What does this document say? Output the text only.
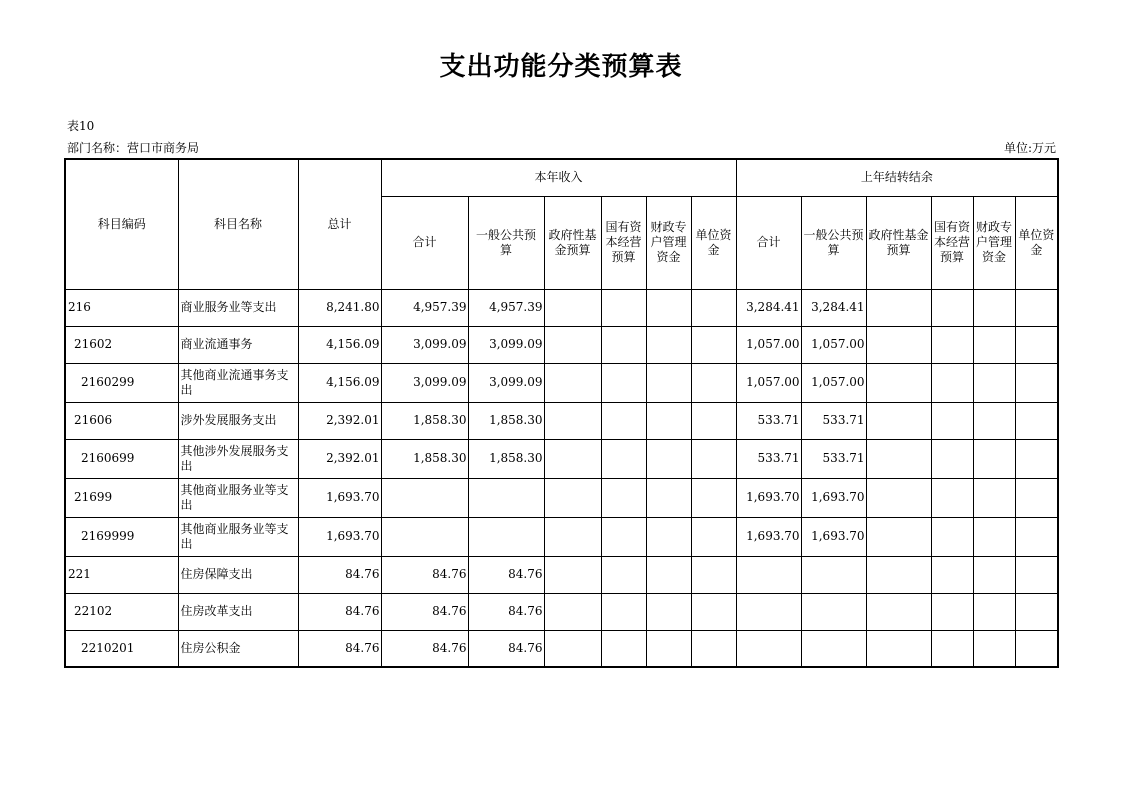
支出功能分类预算表
表10
部门名称：营口市商务局	单位:万元
科目编码	科目名称	总计	本年收入						上年结转结余					
			合计	一般公共预算	政府性基金预算	国有资本经营预算	财政专户管理资金	单位资金	合计	一般公共预算	政府性基金预算	国有资本经营预算	财政专户管理资金	单位资金
216	商业服务业等支出	8,241.80	4,957.39	4,957.39					3,284.41	3,284.41				
21602	商业流通事务	4,156.09	3,099.09	3,099.09					1,057.00	1,057.00				
2160299	其他商业流通事务支出	4,156.09	3,099.09	3,099.09					1,057.00	1,057.00				
21606	涉外发展服务支出	2,392.01	1,858.30	1,858.30					533.71	533.71				
2160699	其他涉外发展服务支出	2,392.01	1,858.30	1,858.30					533.71	533.71				
21699	其他商业服务业等支出	1,693.70							1,693.70	1,693.70				
2169999	其他商业服务业等支出	1,693.70							1,693.70	1,693.70				
221	住房保障支出	84.76	84.76	84.76										
22102	住房改革支出	84.76	84.76	84.76										
2210201	住房公积金	84.76	84.76	84.76										
